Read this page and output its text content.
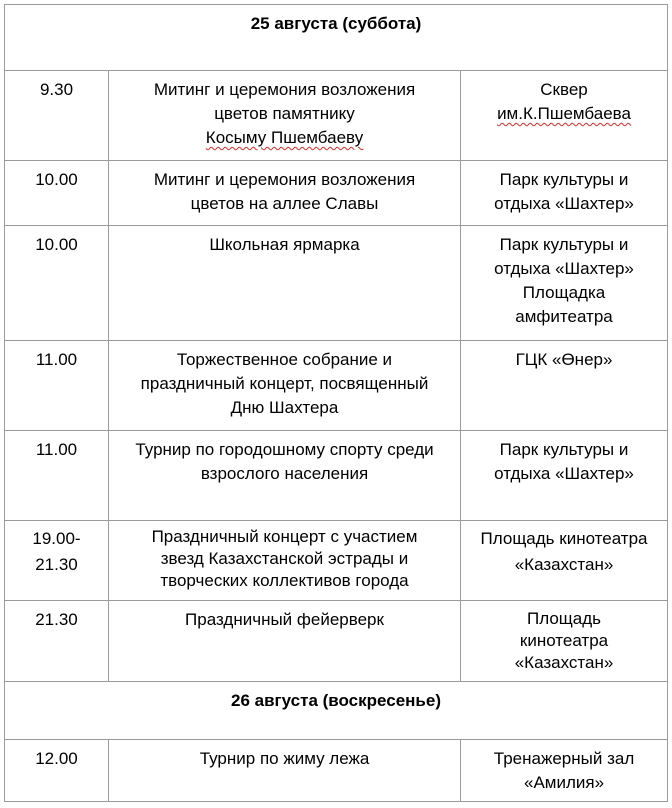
25 августа (суббота)		

9.30	Митинг и церемония возложения
цветов памятнику
Косыму Пшембаеву	Сквер
им.К.Пшембаева

10.00	Митинг и церемония возложения
цветов на аллее Славы	Парк культуры и
отдыха «Шахтер»

10.00	Школьная ярмарка	Парк культуры и
отдыха «Шахтер»
Площадка
амфитеатра

11.00	Торжественное собрание и
праздничный концерт, посвященный
Дню Шахтера	ГЦК «Өнер»

11.00	Турнир по городошному спорту среди
взрослого населения	Парк культуры и
отдыха «Шахтер»

19.00-
21.30	Праздничный концерт с участием
звезд Казахстанской эстрады и
творческих коллективов города	Площадь кинотеатра
«Казахстан»

21.30	Праздничный фейерверк	Площадь
кинотеатра
«Казахстан»

26 августа (воскресенье)		

12.00	Турнир по жиму лежа	Тренажерный зал
«Амилия»
